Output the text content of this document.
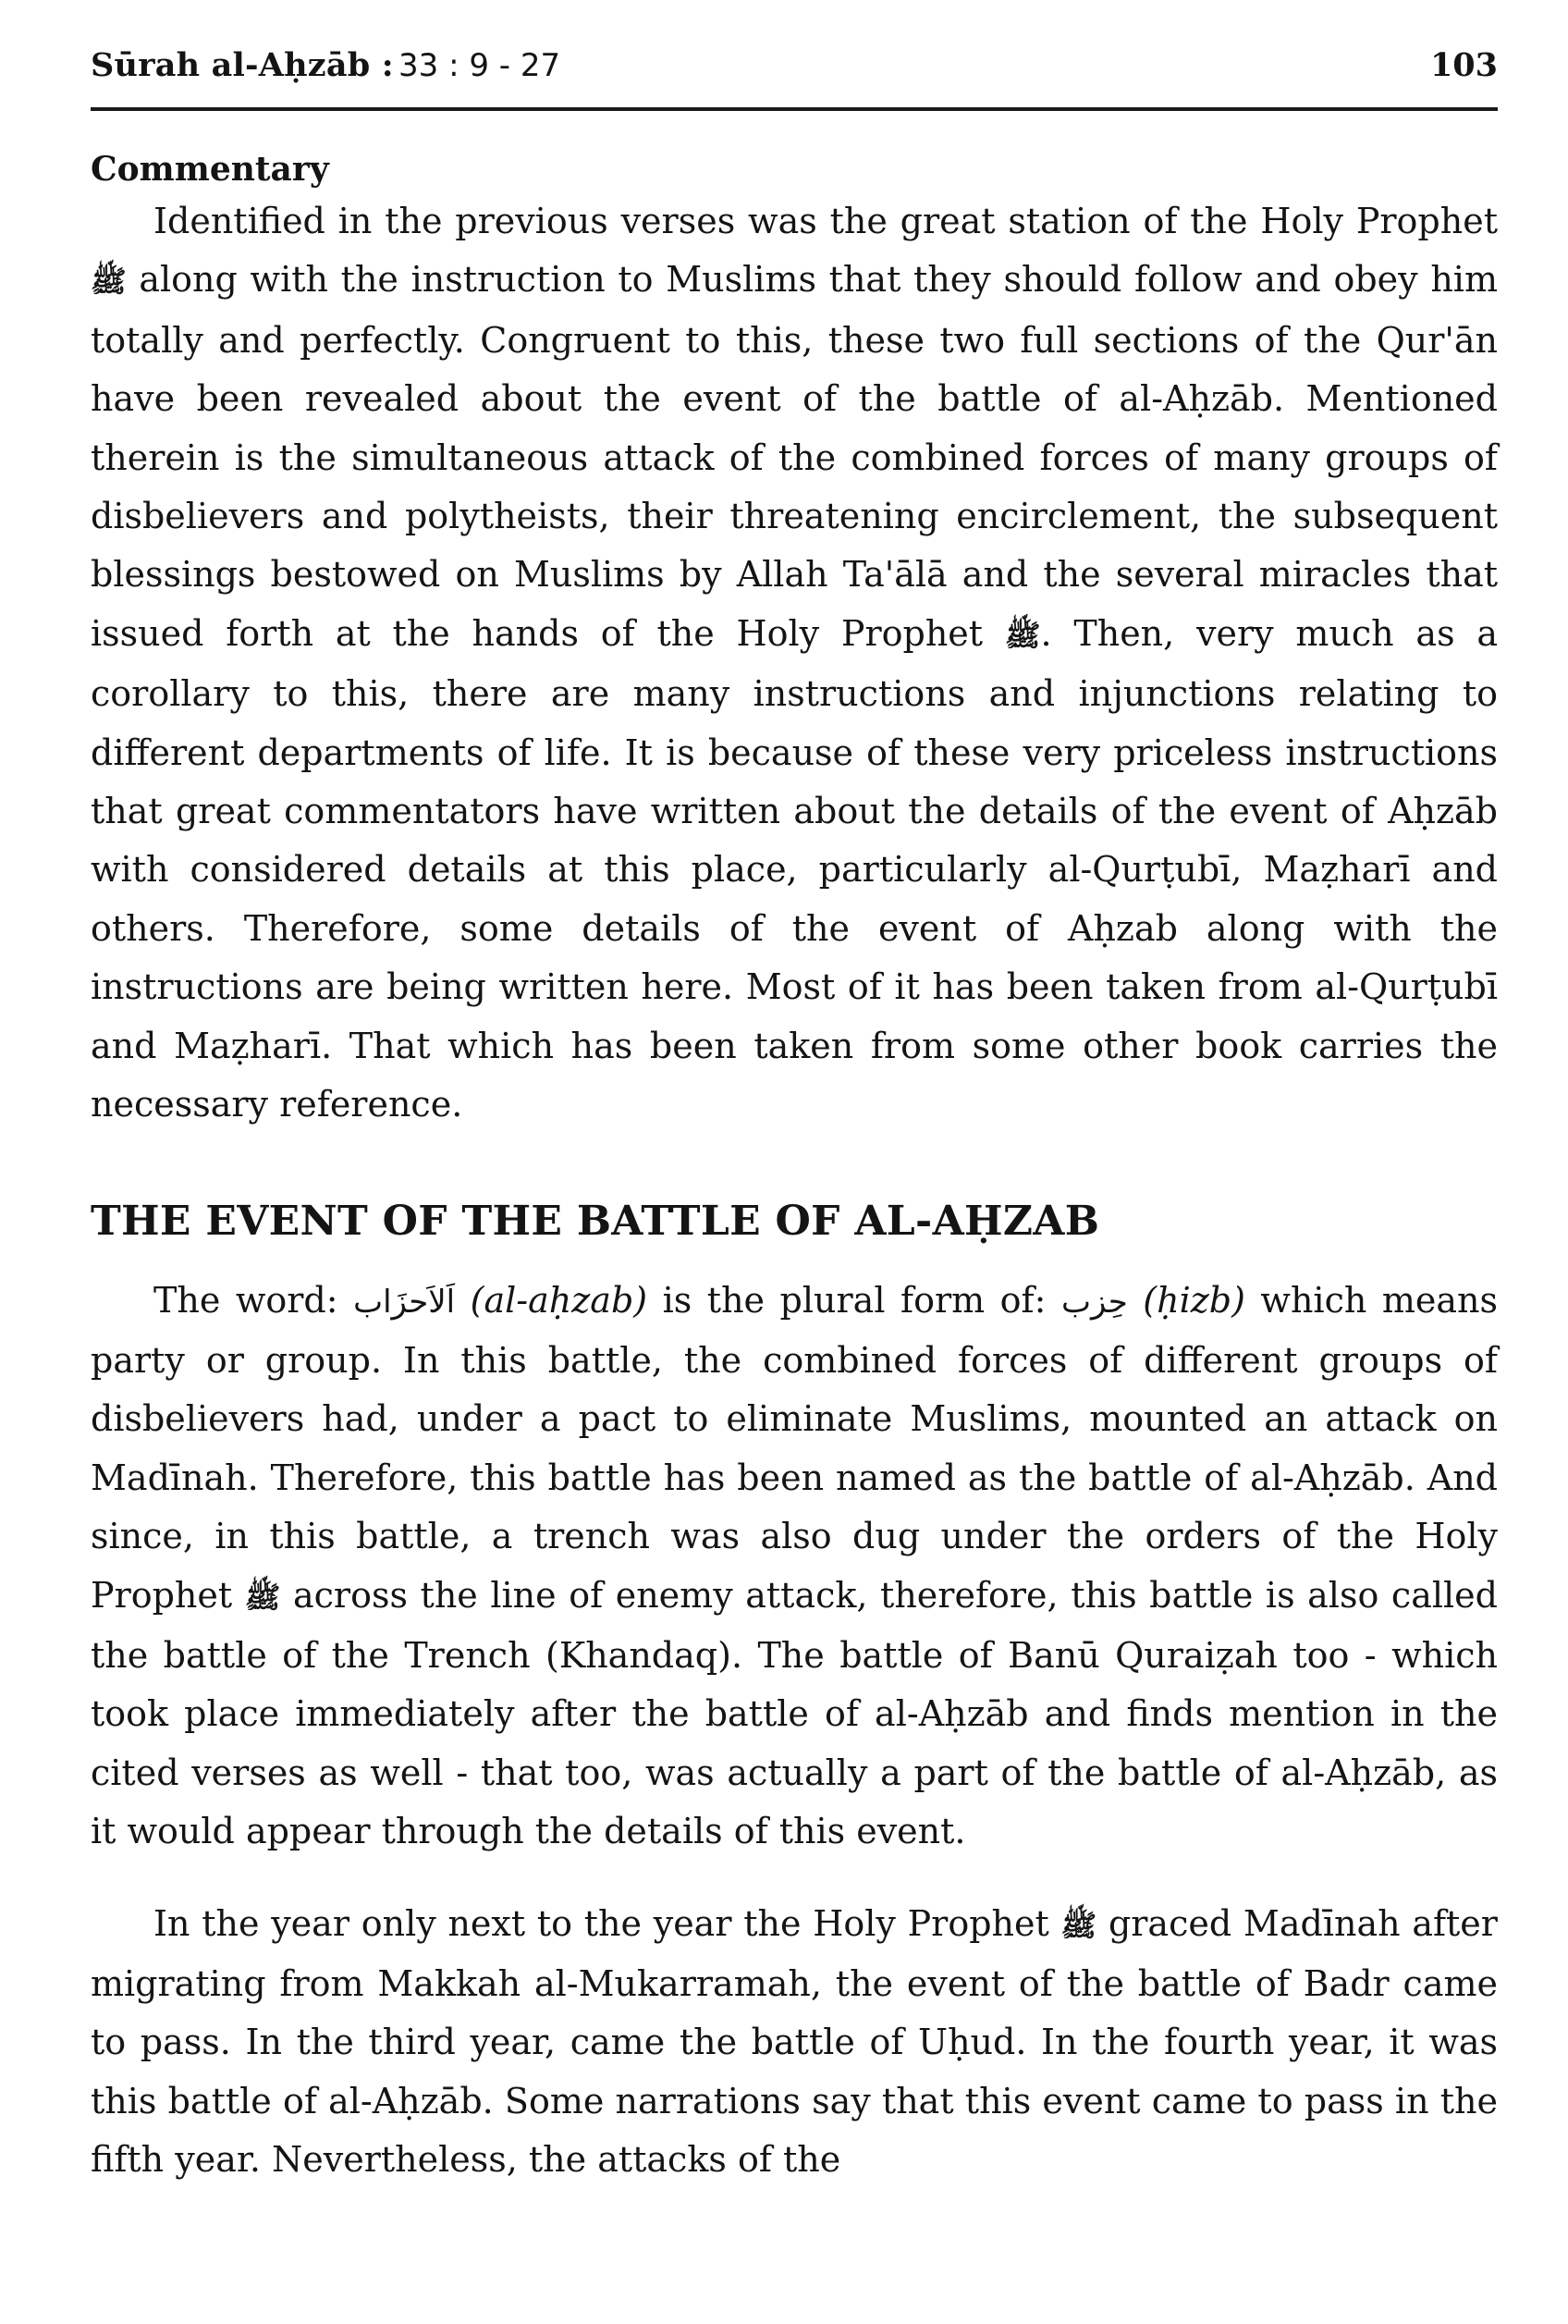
Sūrah al-Aḥzāb : 33 : 9 - 27	103
Commentary

Identified in the previous verses was the great station of the Holy Prophet ﷺ along with the instruction to Muslims that they should follow and obey him totally and perfectly. Congruent to this, these two full sections of the Qur'ān have been revealed about the event of the battle of al-Aḥzāb. Mentioned therein is the simultaneous attack of the combined forces of many groups of disbelievers and polytheists, their threatening encirclement, the subsequent blessings bestowed on Muslims by Allah Ta'ālā and the several miracles that issued forth at the hands of the Holy Prophet ﷺ. Then, very much as a corollary to this, there are many instructions and injunctions relating to different departments of life. It is because of these very priceless instructions that great commentators have written about the details of the event of Aḥzāb with considered details at this place, particularly al-Qurṭubī, Maẓharī and others. Therefore, some details of the event of Aḥzab along with the instructions are being written here. Most of it has been taken from al-Qurṭubī and Maẓharī. That which has been taken from some other book carries the necessary reference.

THE EVENT OF THE BATTLE OF AL-AḤZAB

The word: اَلاَحزَاب (al-aḥzab) is the plural form of: حِزب (ḥizb) which means party or group. In this battle, the combined forces of different groups of disbelievers had, under a pact to eliminate Muslims, mounted an attack on Madīnah. Therefore, this battle has been named as the battle of al-Aḥzāb. And since, in this battle, a trench was also dug under the orders of the Holy Prophet ﷺ across the line of enemy attack, therefore, this battle is also called the battle of the Trench (Khandaq). The battle of Banū Quraiẓah too - which took place immediately after the battle of al-Aḥzāb and finds mention in the cited verses as well - that too, was actually a part of the battle of al-Aḥzāb, as it would appear through the details of this event.

In the year only next to the year the Holy Prophet ﷺ graced Madīnah after migrating from Makkah al-Mukarramah, the event of the battle of Badr came to pass. In the third year, came the battle of Uḥud. In the fourth year, it was this battle of al-Aḥzāb. Some narrations say that this event came to pass in the fifth year. Nevertheless, the attacks of the
